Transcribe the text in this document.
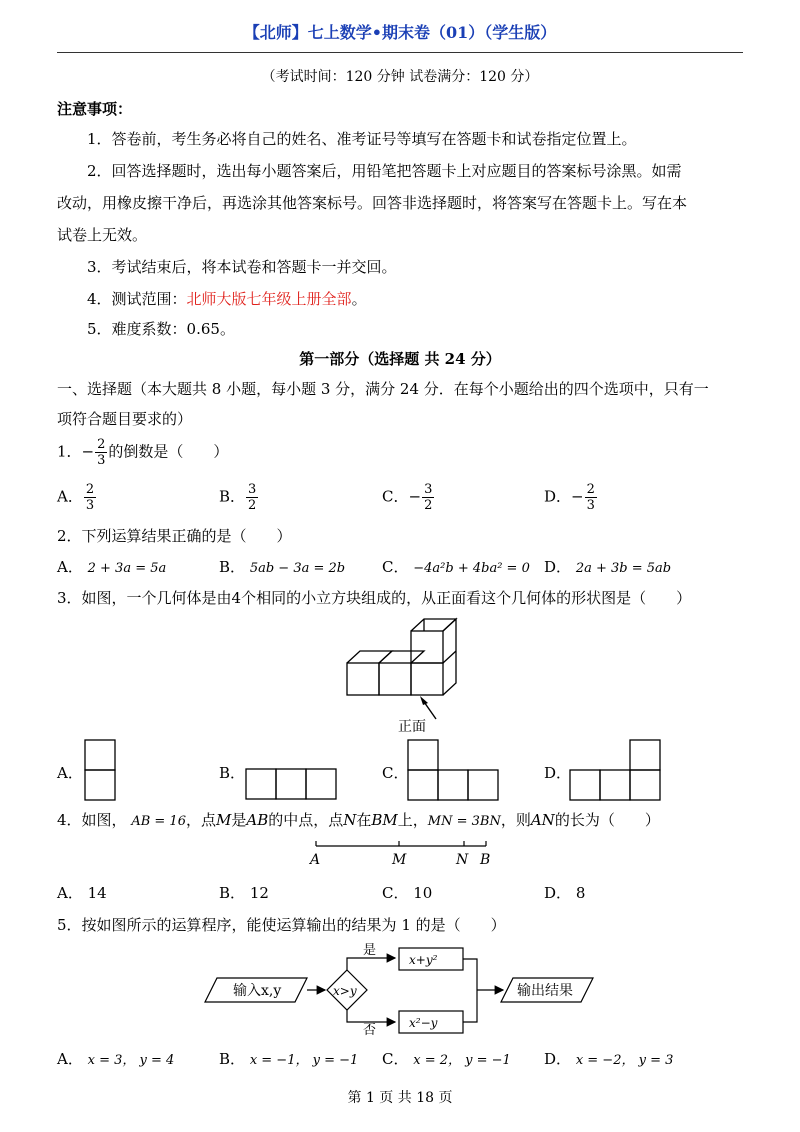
【北师】七上数学•期末卷（01）（学生版）
（考试时间：120 分钟 试卷满分：120 分）
注意事项：
1．答卷前，考生务必将自己的姓名、准考证号等填写在答题卡和试卷指定位置上。
2．回答选择题时，选出每小题答案后，用铅笔把答题卡上对应题目的答案标号涂黑。如需
改动，用橡皮擦干净后，再选涂其他答案标号。回答非选择题时，将答案写在答题卡上。写在本
试卷上无效。
3．考试结束后，将本试卷和答题卡一并交回。
4．测试范围：北师大版七年级上册全部。
5．难度系数：0.65。
第一部分（选择题 共 24 分）
一、选择题（本大题共 8 小题，每小题 3 分，满分 24 分．在每个小题给出的四个选项中，只有一
项符合题目要求的）
1．− $\frac{2}{3}$ 的倒数是（　　）
A． $\frac{2}{3}$	B． $\frac{3}{2}$	C．− $\frac{3}{2}$	D．− $\frac{2}{3}$
2．下列运算结果正确的是（　　）
A． 2 + 3a = 5a	B． 5ab − 3a = 2b C． −4a²b + 4ba² = 0 D． 2a + 3b = 5ab
3．如图，一个几何体是由4个相同的小立方块组成的，从正面看这个几何体的形状图是（　　）
正面
A．	B．	C．	D．
4．如图， AB = 16，点M是AB的中点，点N在BM上，MN = 3BN，则AN的长为（　　）
A	M	N B
A． 14	B． 12	C． 10	D． 8
5．按如图所示的运算程序，能使运算输出的结果为 1 的是（　　）
输入x,y	x>y
是
否
x+y²
x²−y
输出结果
A． x = 3， y = 4	B． x = −1， y = −1 C． x = 2， y = −1 D． x = −2， y = 3
第 1 页 共 18 页
